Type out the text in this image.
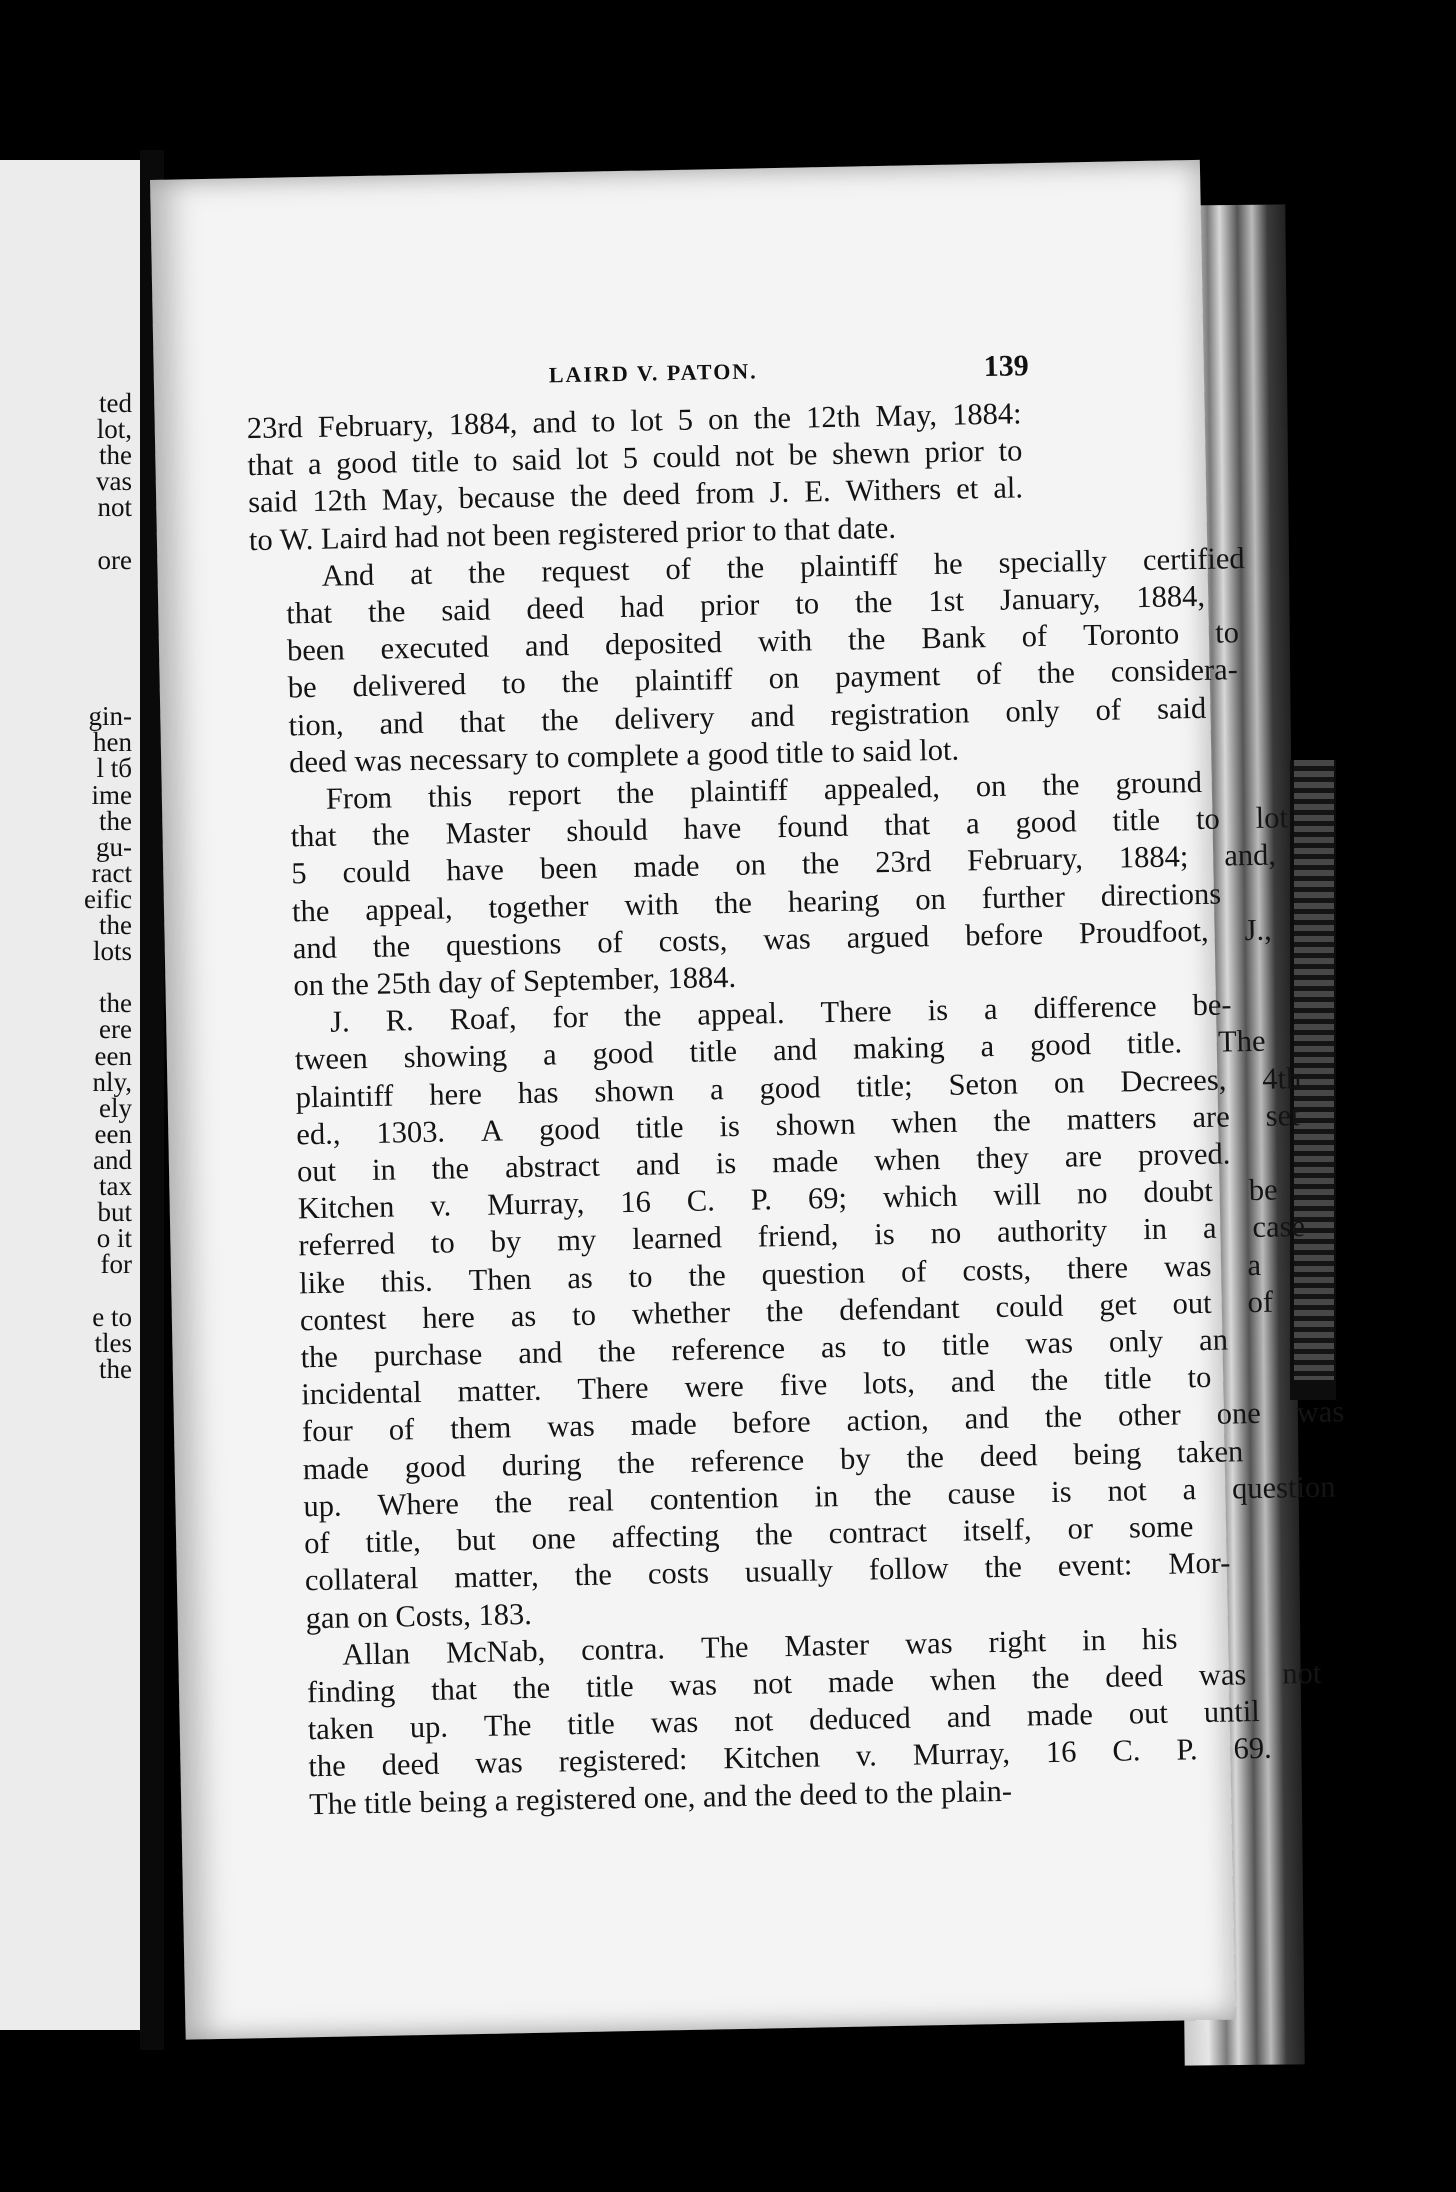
ted
lot,
the
vas
not
ore
gin-
hen
l tб
ime
the
gu-
ract
eific
the
lots
the
ere
een
nly,
ely
een
and
tax
but
o it
for
e to
tles
the
LAIRD V. PATON.	139
23rd February, 1884, and to lot 5 on the 12th May, 1884:
that a good title to said lot 5 could not be shewn prior to
said 12th May, because the deed from J. E. Withers et al.
to W. Laird had not been registered prior to that date.
And	at	the	request	of	the	plaintiff	he	specially	certified
that	the	said	deed	had	prior	to	the	1st	January,	1884,
been	executed	and	deposited	with	the	Bank	of	Toronto	to
be	delivered	to	the	plaintiff	on	payment	of	the	considera-
tion,	and	that	the	delivery	and	registration	only	of	said
deed was necessary to complete a good title to said lot.
From	this	report	the	plaintiff	appealed,	on	the	ground
that	the	Master	should	have	found	that	a	good	title	to	lot
5	could	have	been	made	on	the	23rd	February,	1884;	and,
the	appeal,	together	with	the	hearing	on	further	directions
and	the	questions	of	costs,	was	argued	before	Proudfoot,	J.,
on the 25th day of September, 1884.
J.	R.	Roaf,	for	the	appeal.	There	is	a	difference	be-
tween	showing	a	good	title	and	making	a	good	title.	The
plaintiff	here	has	shown	a	good	title;	Seton	on	Decrees,	4th
ed.,	1303.	A	good	title	is	shown	when	the	matters	are	set
out	in	the	abstract	and	is	made	when	they	are	proved.
Kitchen	v.	Murray,	16	C.	P.	69;	which	will	no	doubt	be
referred	to	by	my	learned	friend,	is	no	authority	in	a	case
like	this.	Then	as	to	the	question	of	costs,	there	was	a
contest	here	as	to	whether	the	defendant	could	get	out	of
the	purchase	and	the	reference	as	to	title	was	only	an
incidental	matter.	There	were	five	lots,	and	the	title	to
four	of	them	was	made	before	action,	and	the	other	one	was
made	good	during	the	reference	by	the	deed	being	taken
up.	Where	the	real	contention	in	the	cause	is	not	a	question
of	title,	but	one	affecting	the	contract	itself,	or	some
collateral	matter,	the	costs	usually	follow	the	event:	Mor-
gan on Costs, 183.
Allan	McNab,	contra.	The	Master	was	right	in	his
finding	that	the	title	was	not	made	when	the	deed	was	not
taken	up.	The	title	was	not	deduced	and	made	out	until
the	deed	was	registered:	Kitchen	v.	Murray,	16	C.	P.	69.
The title being a registered one, and the deed to the plain-
